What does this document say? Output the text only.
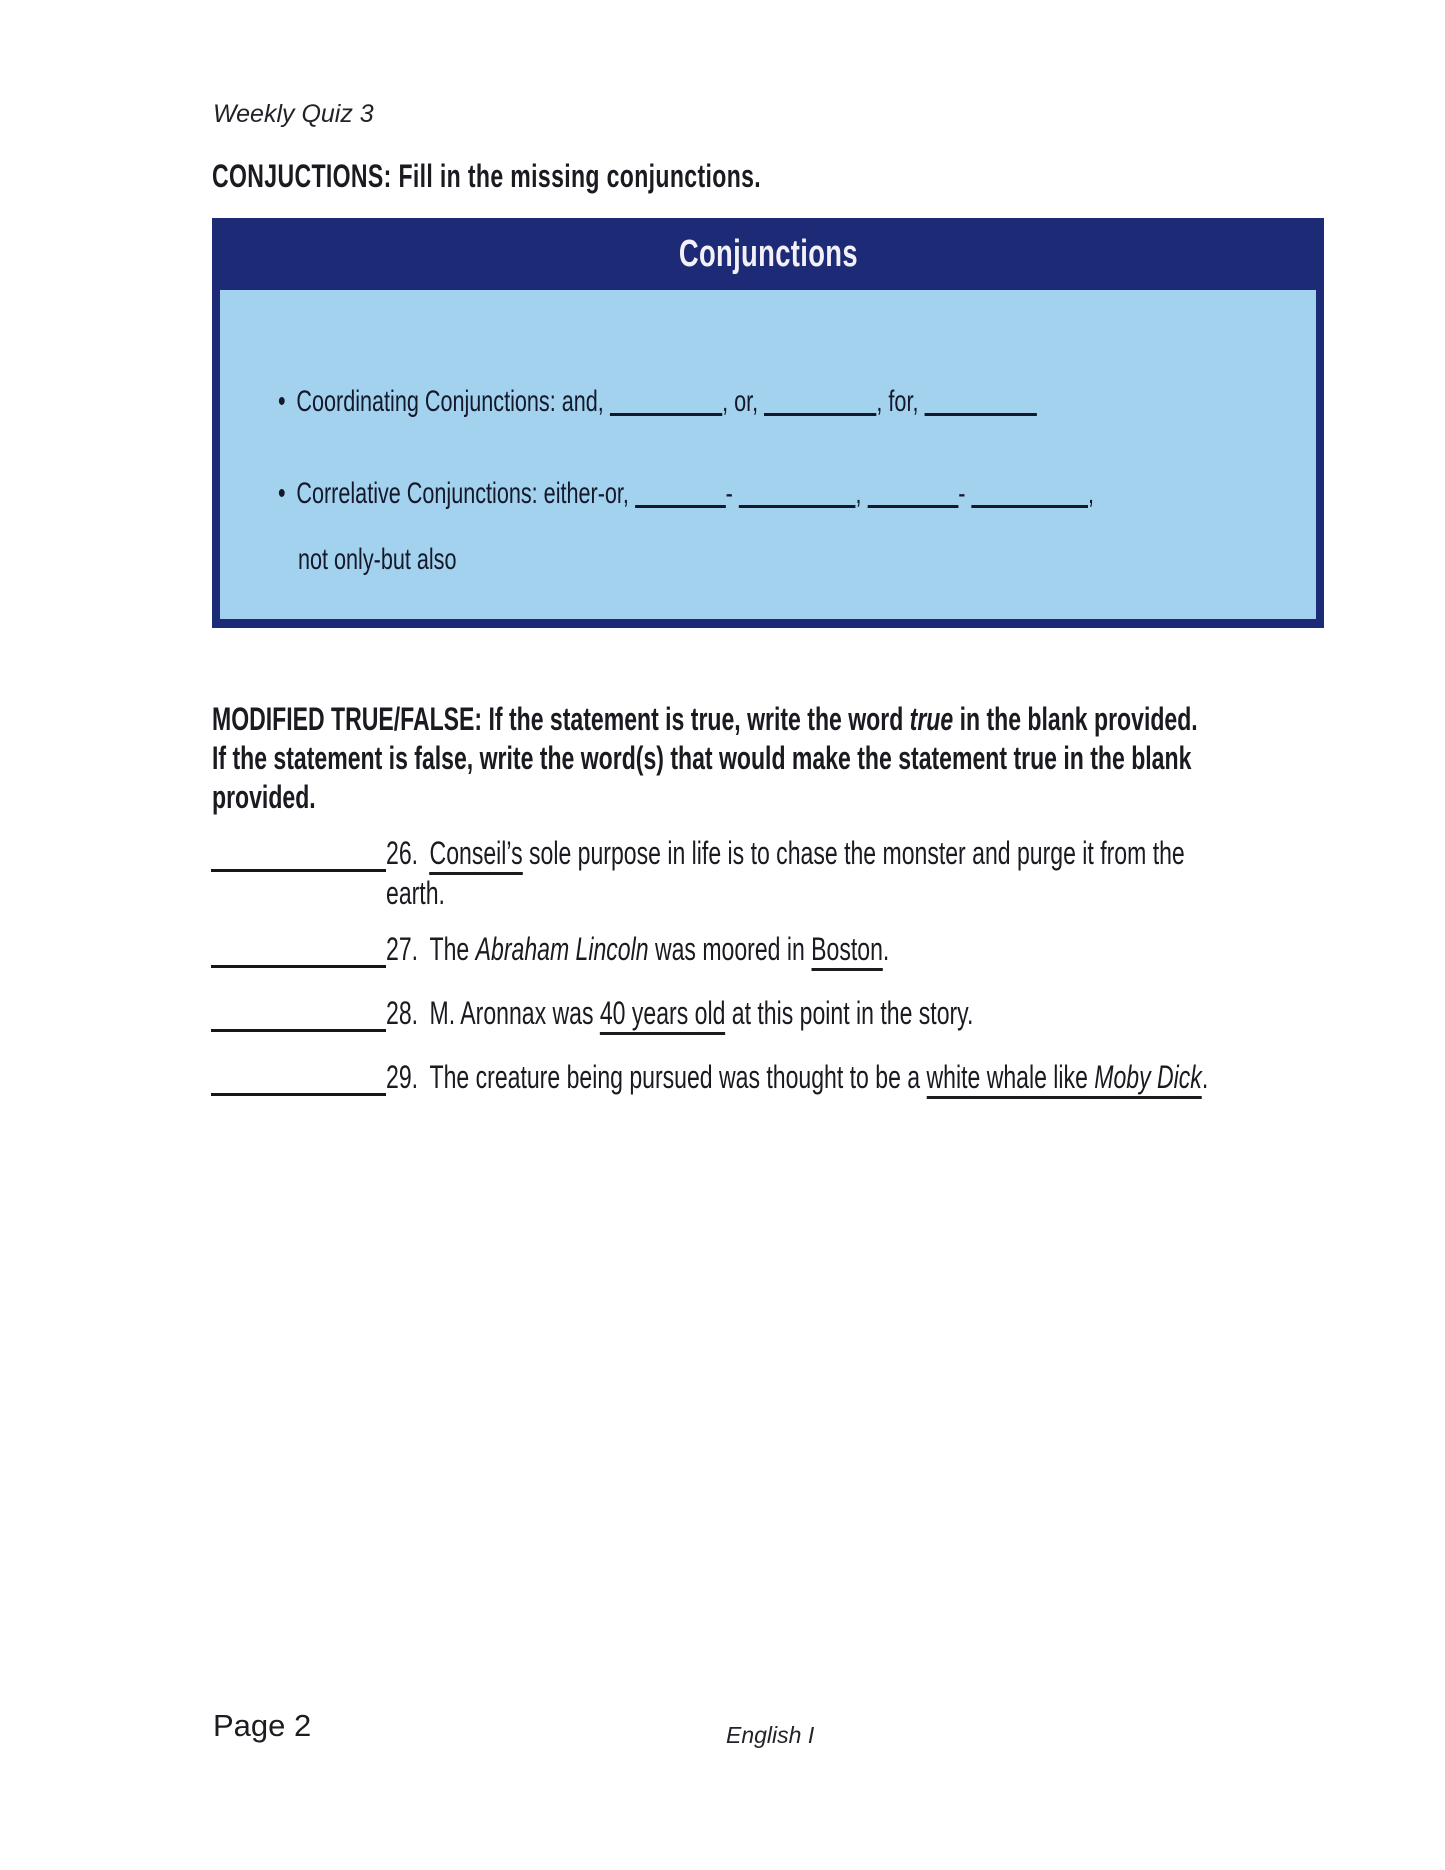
Weekly Quiz 3
CONJUCTIONS: Fill in the missing conjunctions.
Conjunctions
• Coordinating Conjunctions: and,	, or,	, for,
• Correlative Conjunctions: either-or,	-	,	-	,
not only-but also
MODIFIED TRUE/FALSE: If the statement is true, write the word true in the blank provided.
If the statement is false, write the word(s) that would make the statement true in the blank
provided.
26. Conseil’s sole purpose in life is to chase the monster and purge it from the
earth.
27. The Abraham Lincoln was moored in Boston.
28. M. Aronnax was 40 years old at this point in the story.
29. The creature being pursued was thought to be a white whale like Moby Dick.
Page 2	English I
